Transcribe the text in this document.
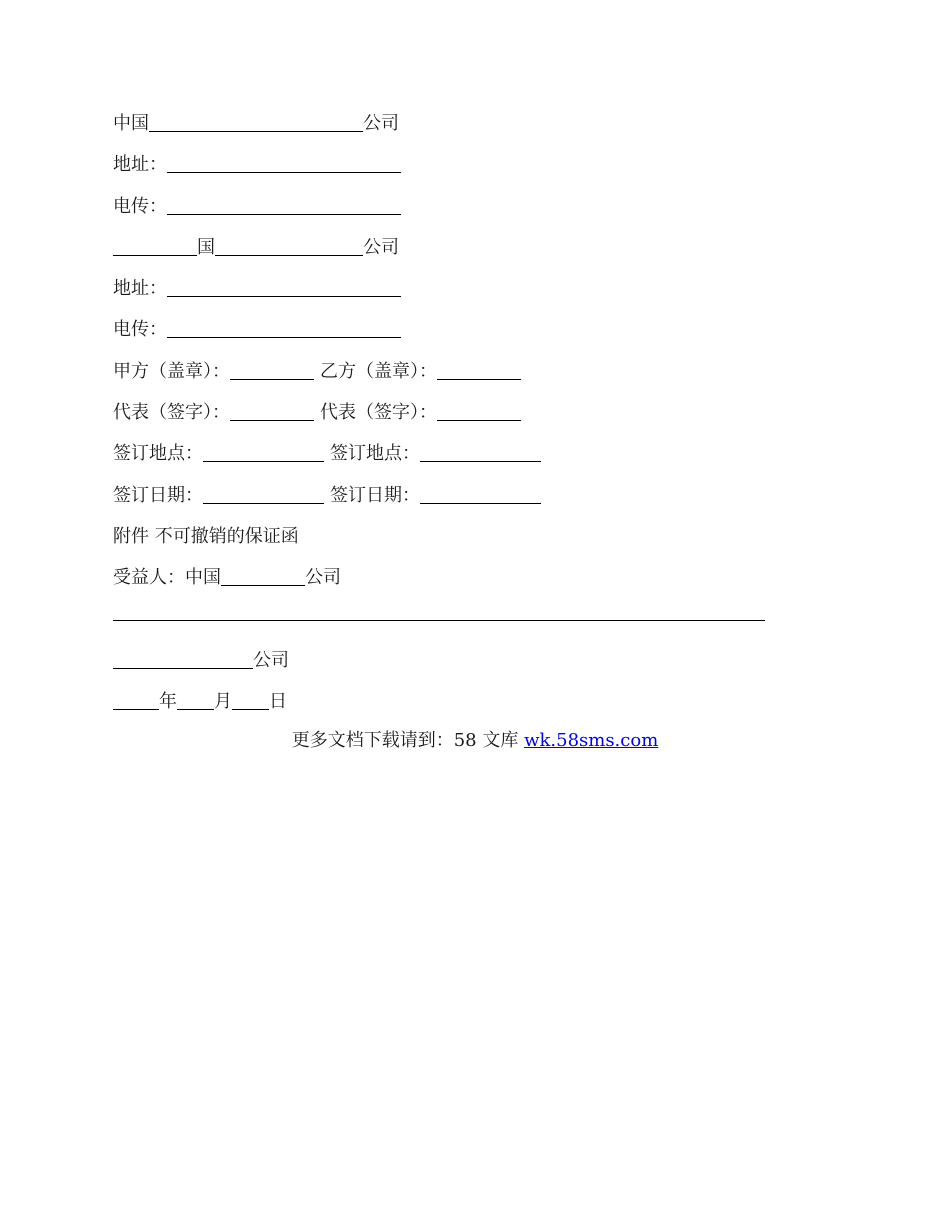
中国	公司
地址：
电传：
国	公司
地址：
电传：
甲方（盖章）：	乙方（盖章）：
代表（签字）：	代表（签字）：
签订地点：	签订地点：
签订日期：	签订日期：
附件 不可撤销的保证函
受益人：中国	公司
公司
年 月 日
更多文档下载请到：58 文库 wk.58sms.com
